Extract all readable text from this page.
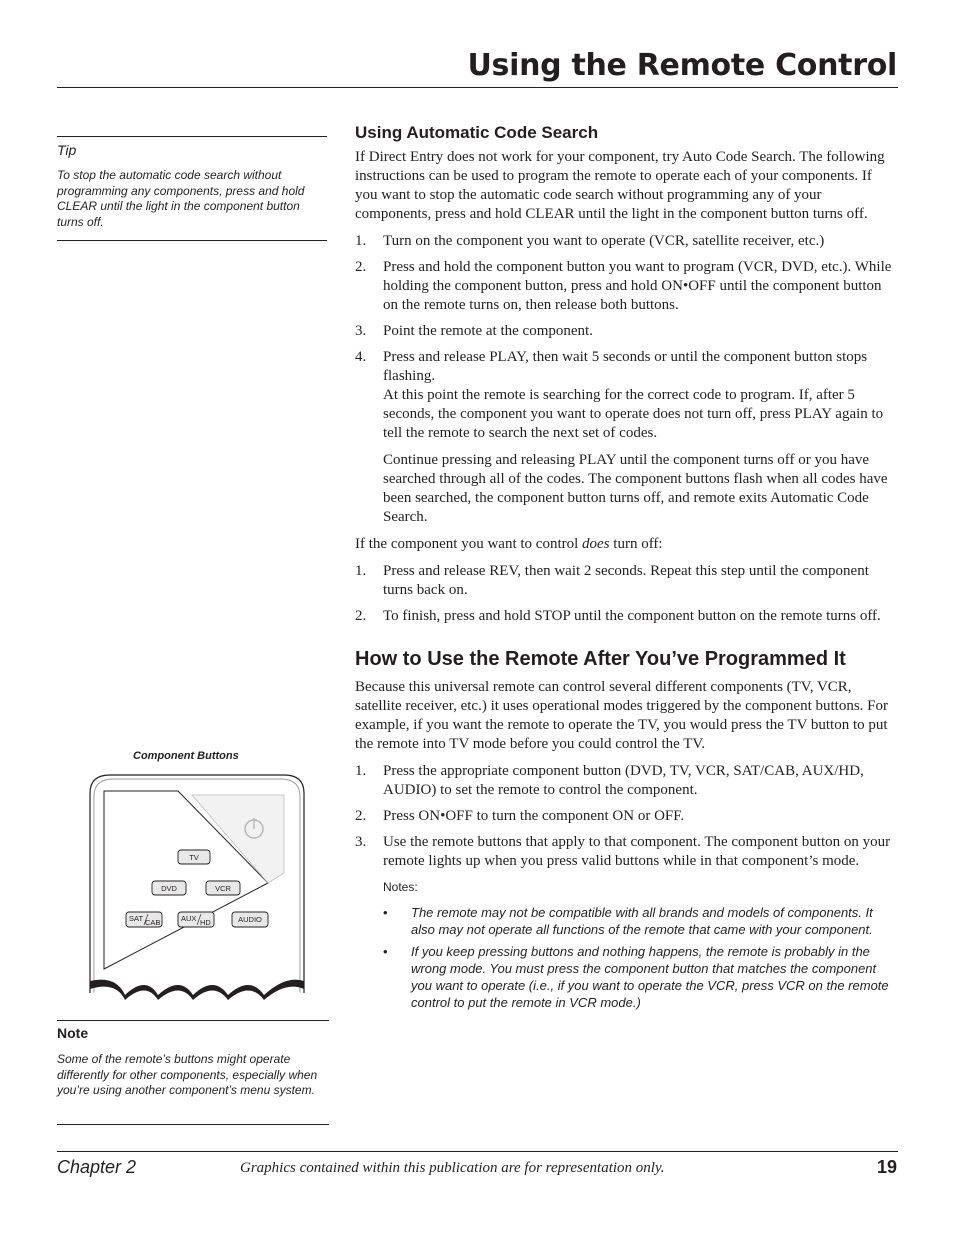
Using the Remote Control
Tip
To stop the automatic code search without programming any components, press and hold CLEAR until the light in the component button turns off.
Component Buttons
TV
DVD	VCR
SAT CAB	AUX HD	AUDIO
Note
Some of the remote’s buttons might operate differently for other components, especially when you’re using another component’s menu system.
Using Automatic Code Search

If Direct Entry does not work for your component, try Auto Code Search. The following instructions can be used to program the remote to operate each of your components. If you want to stop the automatic code search without programming any of your components, press and hold CLEAR until the light in the component button turns off.

1. Turn on the component you want to operate (VCR, satellite receiver, etc.)
2. Press and hold the component button you want to program (VCR, DVD, etc.). While holding the component button, press and hold ON•OFF until the component button on the remote turns on, then release both buttons.
3. Point the remote at the component.
4. Press and release PLAY, then wait 5 seconds or until the component button stops flashing.

At this point the remote is searching for the correct code to program. If, after 5 seconds, the component you want to operate does not turn off, press PLAY again to tell the remote to search the next set of codes.

Continue pressing and releasing PLAY until the component turns off or you have searched through all of the codes. The component buttons flash when all codes have been searched, the component button turns off, and remote exits Automatic Code Search.

If the component you want to control does turn off:

1. Press and release REV, then wait 2 seconds. Repeat this step until the component turns back on.
2. To finish, press and hold STOP until the component button on the remote turns off.
How to Use the Remote After You’ve Programmed It

Because this universal remote can control several different components (TV, VCR, satellite receiver, etc.) it uses operational modes triggered by the component buttons. For example, if you want the remote to operate the TV, you would press the TV button to put the remote into TV mode before you could control the TV.

1. Press the appropriate component button (DVD, TV, VCR, SAT/CAB, AUX/HD, AUDIO) to set the remote to control the component.
2. Press ON•OFF to turn the component ON or OFF.
3. Use the remote buttons that apply to that component. The component button on your remote lights up when you press valid buttons while in that component’s mode.
Notes:
• The remote may not be compatible with all brands and models of components. It also may not operate all functions of the remote that came with your component.
• If you keep pressing buttons and nothing happens, the remote is probably in the wrong mode. You must press the component button that matches the component you want to operate (i.e., if you want to operate the VCR, press VCR on the remote control to put the remote in VCR mode.)
Chapter 2	Graphics contained within this publication are for representation only.	19
